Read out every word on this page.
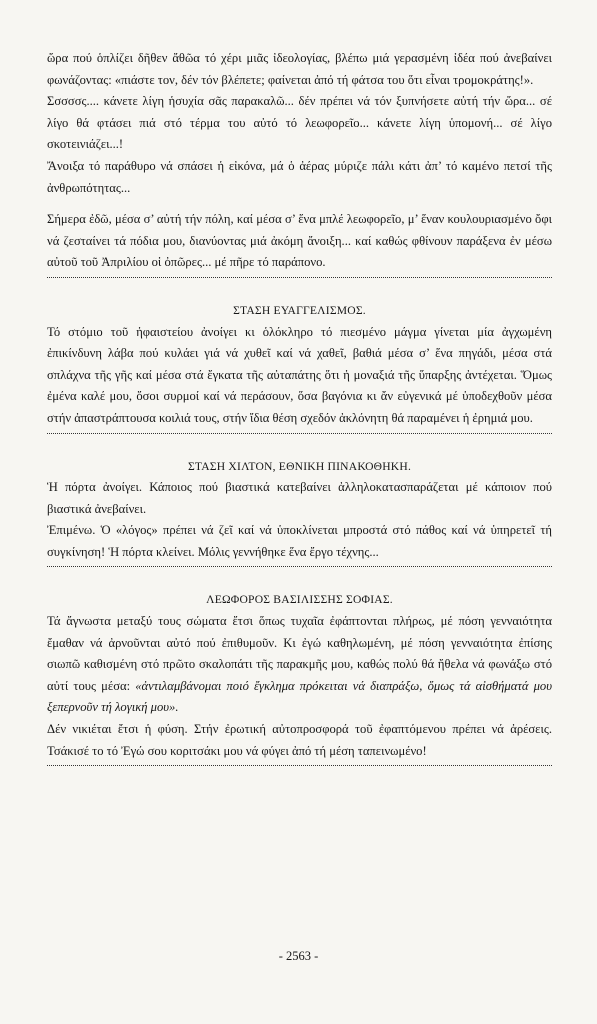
ὥρα πού ὁπλίζει δῆθεν ἄθῶα τό χέρι μιᾶς ἰδεολογίας, βλέπω μιά γερασμένη ἰδέα πού ἀνεβαίνει φωνάζοντας: «πιάστε τον, δέν τόν βλέπετε; φαίνεται ἀπό τή φάτσα του ὅτι εἶναι τρομοκράτης!».

Σσσσσς.... κάνετε λίγη ἡσυχία σᾶς παρακαλῶ... δέν πρέπει νά τόν ξυπνήσετε αὐτή τήν ὥρα... σέ λίγο θά φτάσει πιά στό τέρμα του αὐτό τό λεωφορεῖο... κάνετε λίγη ὑπομονή... σέ λίγο σκοτεινιάζει...!

Ἄνοιξα τό παράθυρο νά σπάσει ἡ εἰκόνα, μά ὁ ἀέρας μύριζε πάλι κάτι ἀπ’ τό καμένο πετσί τῆς ἀνθρωπότητας...

Σήμερα ἐδῶ, μέσα σ’ αὐτή τήν πόλη, καί μέσα σ’ ἕνα μπλέ λεωφορεῖο, μ’ ἕναν κουλουριασμένο ὄφι νά ζεσταίνει τά πόδια μου, διανύοντας μιά ἀκόμη ἄνοιξη... καί καθώς φθίνουν παράξενα ἐν μέσω αὐτοῦ τοῦ Ἀπριλίου οἱ ὀπῶρες... μέ πῆρε τό παράπονο.

ΣΤΑΣΗ ΕΥΑΓΓΕΛΙΣΜΟΣ.

Τό στόμιο τοῦ ἡφαιστείου ἀνοίγει κι ὁλόκληρο τό πιεσμένο μάγμα γίνεται μία ἀγχωμένη ἐπικίνδυνη λάβα πού κυλάει γιά νά χυθεῖ καί νά χαθεῖ, βαθιά μέσα σ’ ἕνα πηγάδι, μέσα στά σπλάχνα τῆς γῆς καί μέσα στά ἔγκατα τῆς αὐταπάτης ὅτι ἡ μοναξιά τῆς ὕπαρξης ἀντέχεται. Ὅμως ἐμένα καλέ μου, ὅσοι συρμοί καί νά περάσουν, ὅσα βαγόνια κι ἄν εὐγενικά μέ ὑποδεχθοῦν μέσα στήν ἀπαστράπτουσα κοιλιά τους, στήν ἴδια θέση σχεδόν ἀκλόνητη θά παραμένει ἡ ἐρημιά μου.

ΣΤΑΣΗ ΧΙΛΤΟΝ, ΕΘΝΙΚΗ ΠΙΝΑΚΟΘΗΚΗ.

Ἡ πόρτα ἀνοίγει. Κάποιος πού βιαστικά κατεβαίνει ἀλληλοκατασπαράζεται μέ κάποιον πού βιαστικά ἀνεβαίνει.

Ἐπιμένω. Ὁ «λόγος» πρέπει νά ζεῖ καί νά ὑποκλίνεται μπροστά στό πάθος καί νά ὑπηρετεῖ τή συγκίνηση! Ἡ πόρτα κλείνει. Μόλις γεννήθηκε ἕνα ἔργο τέχνης...

ΛΕΩΦΟΡΟΣ ΒΑΣΙΛΙΣΣΗΣ ΣΟΦΙΑΣ.

Τά ἄγνωστα μεταξύ τους σώματα ἔτσι ὅπως τυχαῖα ἐφάπτονται πλήρως, μέ πόση γενναιότητα ἔμαθαν νά ἀρνοῦνται αὐτό πού ἐπιθυμοῦν. Κι ἐγώ καθηλωμένη, μέ πόση γενναιότητα ἐπίσης σιωπῶ καθισμένη στό πρῶτο σκαλοπάτι τῆς παρακμῆς μου, καθώς πολύ θά ἤθελα νά φωνάξω στό αὐτί τους μέσα: «ἀντιλαμβάνομαι ποιό ἔγκλημα πρόκειται νά διαπράξω, ὅμως τά αἰσθήματά μου ξεπερνοῦν τή λογική μου».

Δέν νικιέται ἔτσι ἡ φύση. Στήν ἐρωτική αὐτοπροσφορά τοῦ ἐφαπτόμενου πρέπει νά ἀρέσεις. Τσάκισέ το τό Ἐγώ σου κοριτσάκι μου νά φύγει ἀπό τή μέση ταπεινωμένο!

- 2563 -
